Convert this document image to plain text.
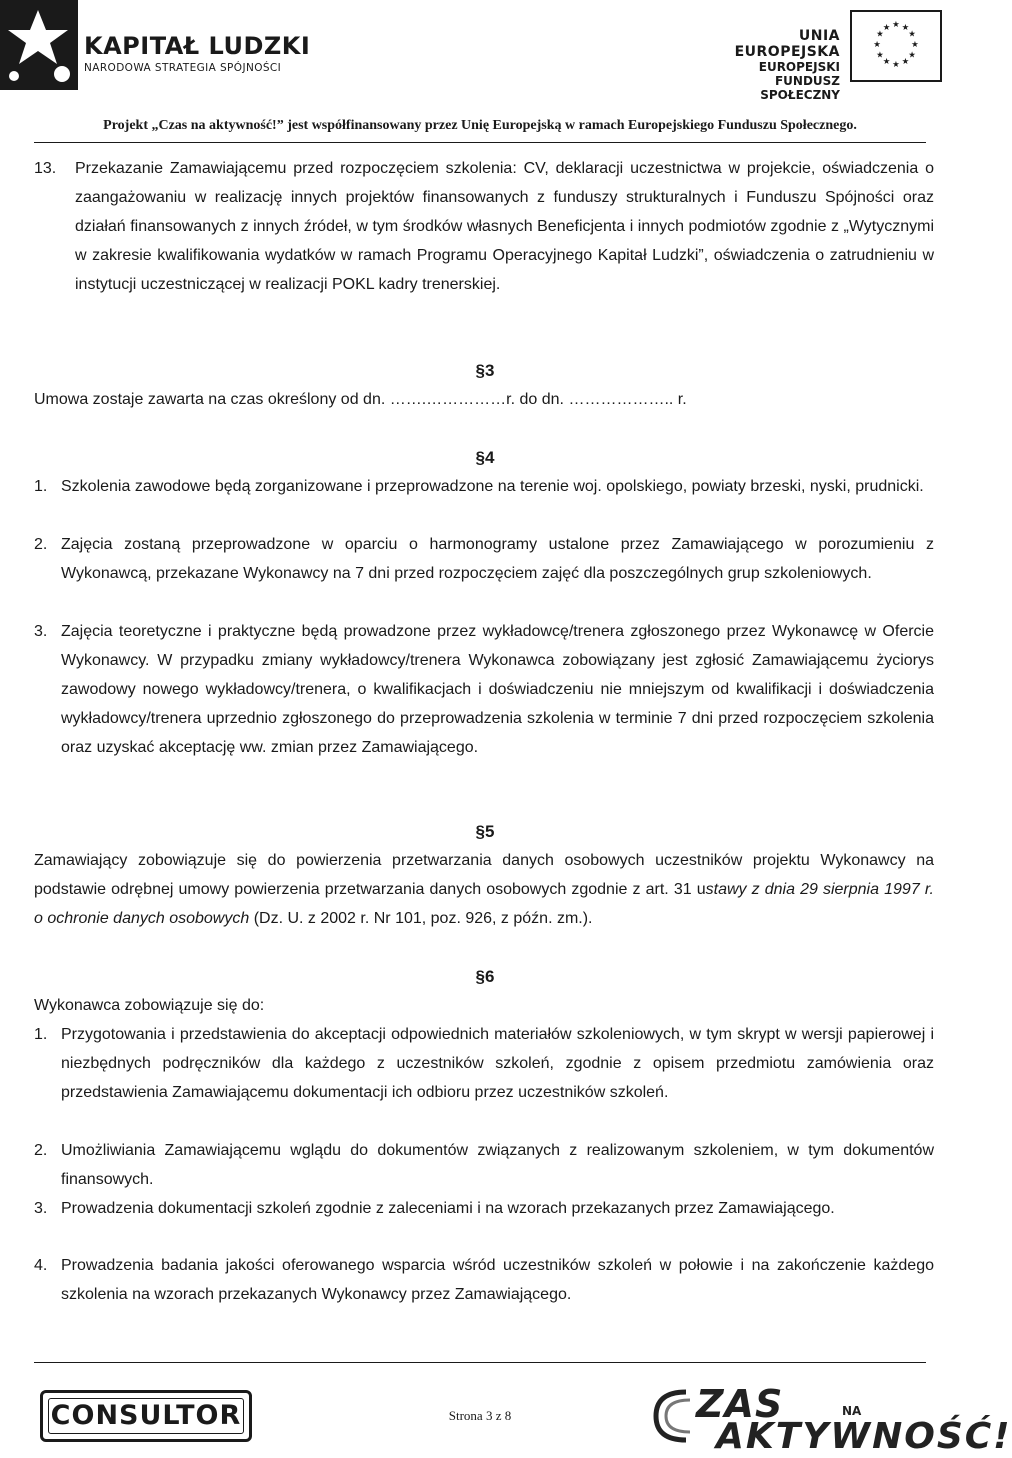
KAPITAŁ LUDZKI
NARODOWA STRATEGIA SPÓJNOŚCI
UNIA EUROPEJSKA
EUROPEJSKI
FUNDUSZ SPOŁECZNY
★ ★
★
★
★
★
★
★
★
★
★
★
Projekt „Czas na aktywność!” jest współfinansowany przez Unię Europejską w ramach Europejskiego Funduszu Społecznego.
13. Przekazanie Zamawiającemu przed rozpoczęciem szkolenia: CV, deklaracji uczestnictwa w projekcie, oświadczenia o zaangażowaniu w realizację innych projektów finansowanych z funduszy strukturalnych i Funduszu Spójności oraz działań finansowanych z innych źródeł, w tym środków własnych Beneficjenta i innych podmiotów zgodnie z „Wytycznymi w zakresie kwalifikowania wydatków w ramach Programu Operacyjnego Kapitał Ludzki”, oświadczenia o zatrudnieniu w instytucji uczestniczącej w realizacji POKL kadry trenerskiej.
§3
Umowa zostaje zawarta na czas określony od dn. …….……………r. do dn. ……………….. r.
§4
1. Szkolenia zawodowe będą zorganizowane i przeprowadzone na terenie woj. opolskiego, powiaty brzeski, nyski, prudnicki.
2. Zajęcia zostaną przeprowadzone w oparciu o harmonogramy ustalone przez Zamawiającego w porozumieniu z Wykonawcą, przekazane Wykonawcy na 7 dni przed rozpoczęciem zajęć dla poszczególnych grup szkoleniowych.
3. Zajęcia teoretyczne i praktyczne będą prowadzone przez wykładowcę/trenera zgłoszonego przez Wykonawcę w Ofercie Wykonawcy. W przypadku zmiany wykładowcy/trenera Wykonawca zobowiązany jest zgłosić Zamawiającemu życiorys zawodowy nowego wykładowcy/trenera, o kwalifikacjach i doświadczeniu nie mniejszym od kwalifikacji i doświadczenia wykładowcy/trenera uprzednio zgłoszonego do przeprowadzenia szkolenia w terminie 7 dni przed rozpoczęciem szkolenia oraz uzyskać akceptację ww. zmian przez Zamawiającego.
§5
Zamawiający zobowiązuje się do powierzenia przetwarzania danych osobowych uczestników projektu Wykonawcy na podstawie odrębnej umowy powierzenia przetwarzania danych osobowych zgodnie z art. 31 ustawy z dnia 29 sierpnia 1997 r. o ochronie danych osobowych (Dz. U. z 2002 r. Nr 101, poz. 926, z późn. zm.).
§6
Wykonawca zobowiązuje się do:
1. Przygotowania i przedstawienia do akceptacji odpowiednich materiałów szkoleniowych, w tym skrypt w wersji papierowej i niezbędnych podręczników dla każdego z uczestników szkoleń, zgodnie z opisem przedmiotu zamówienia oraz przedstawienia Zamawiającemu dokumentacji ich odbioru przez uczestników szkoleń.
2. Umożliwiania Zamawiającemu wglądu do dokumentów związanych z realizowanym szkoleniem, w tym dokumentów finansowych.
3. Prowadzenia dokumentacji szkoleń zgodnie z zaleceniami i na wzorach przekazanych przez Zamawiającego.
4. Prowadzenia badania jakości oferowanego wsparcia wśród uczestników szkoleń w połowie i na zakończenie każdego szkolenia na wzorach przekazanych Wykonawcy przez Zamawiającego.
CONSULTOR	Strona 3 z 8	ZAS	NA
AKTYWNOŚĆ!
